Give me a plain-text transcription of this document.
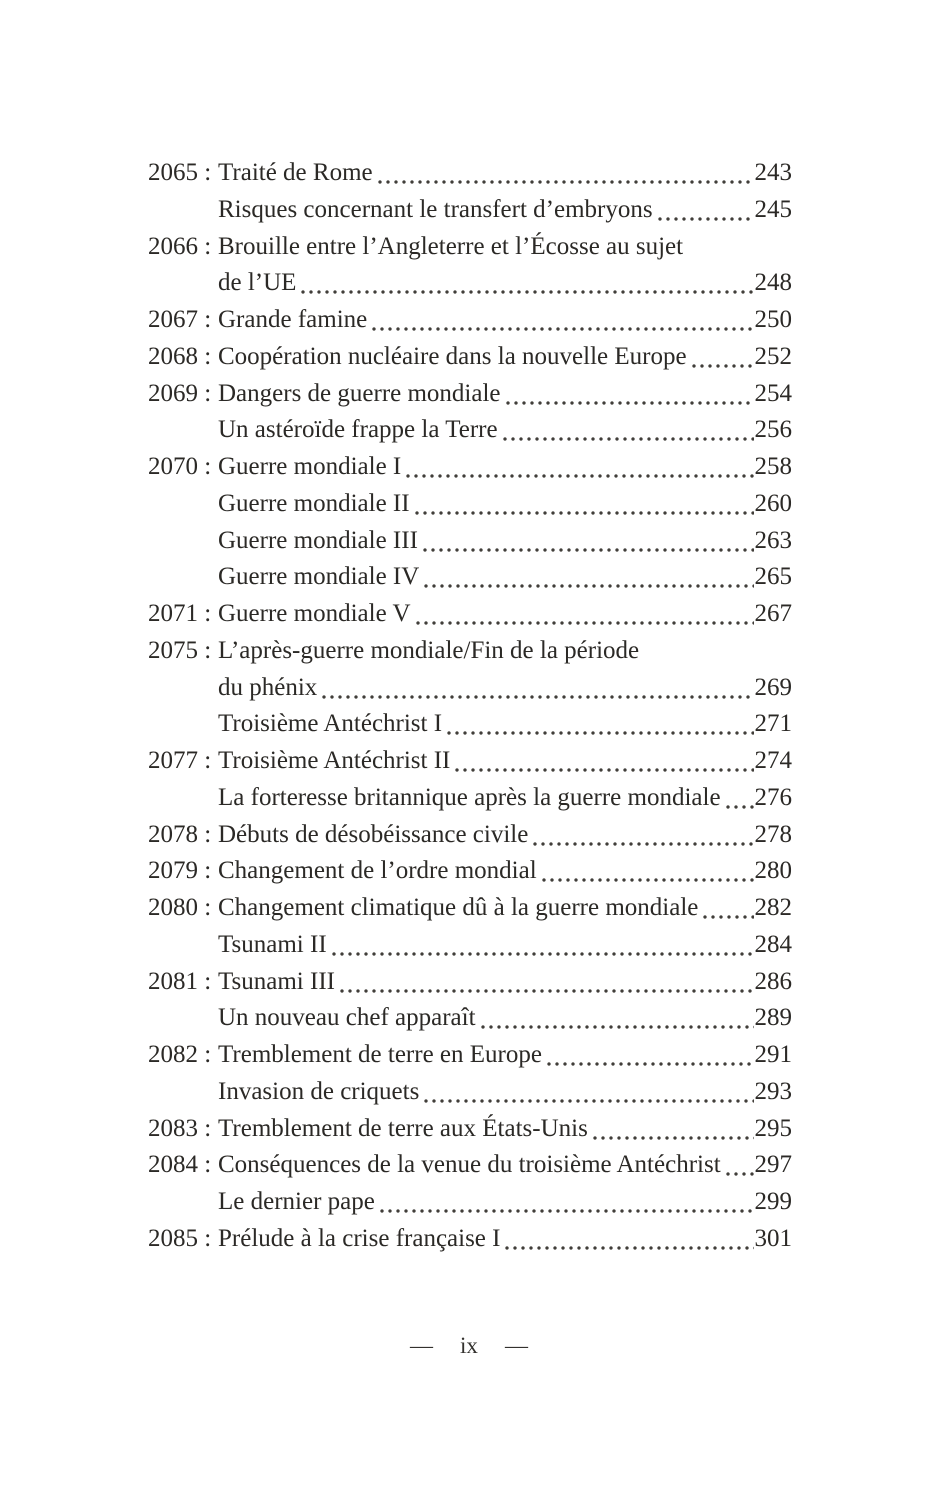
2065 : Traité de Rome	243
Risques concernant le transfert d’embryons	245
2066 : Brouille entre l’Angleterre et l’Écosse au sujet
de l’UE	248
2067 : Grande famine	250
2068 : Coopération nucléaire dans la nouvelle Europe	252
2069 : Dangers de guerre mondiale	254
Un astéroïde frappe la Terre	256
2070 : Guerre mondiale I	258
Guerre mondiale II	260
Guerre mondiale III	263
Guerre mondiale IV	265
2071 : Guerre mondiale V	267
2075 : L’après-guerre mondiale/Fin de la période
du phénix	269
Troisième Antéchrist I	271
2077 : Troisième Antéchrist II	274
La forteresse britannique après la guerre mondiale 276
2078 : Débuts de désobéissance civile	278
2079 : Changement de l’ordre mondial	280
2080 : Changement climatique dû à la guerre mondiale 282
Tsunami II	284
2081 : Tsunami III	286
Un nouveau chef apparaît	289
2082 : Tremblement de terre en Europe	291
Invasion de criquets	293
2083 : Tremblement de terre aux États-Unis	295
2084 : Conséquences de la venue du troisième Antéchrist 297
Le dernier pape	299
2085 : Prélude à la crise française I	301
— ix —
